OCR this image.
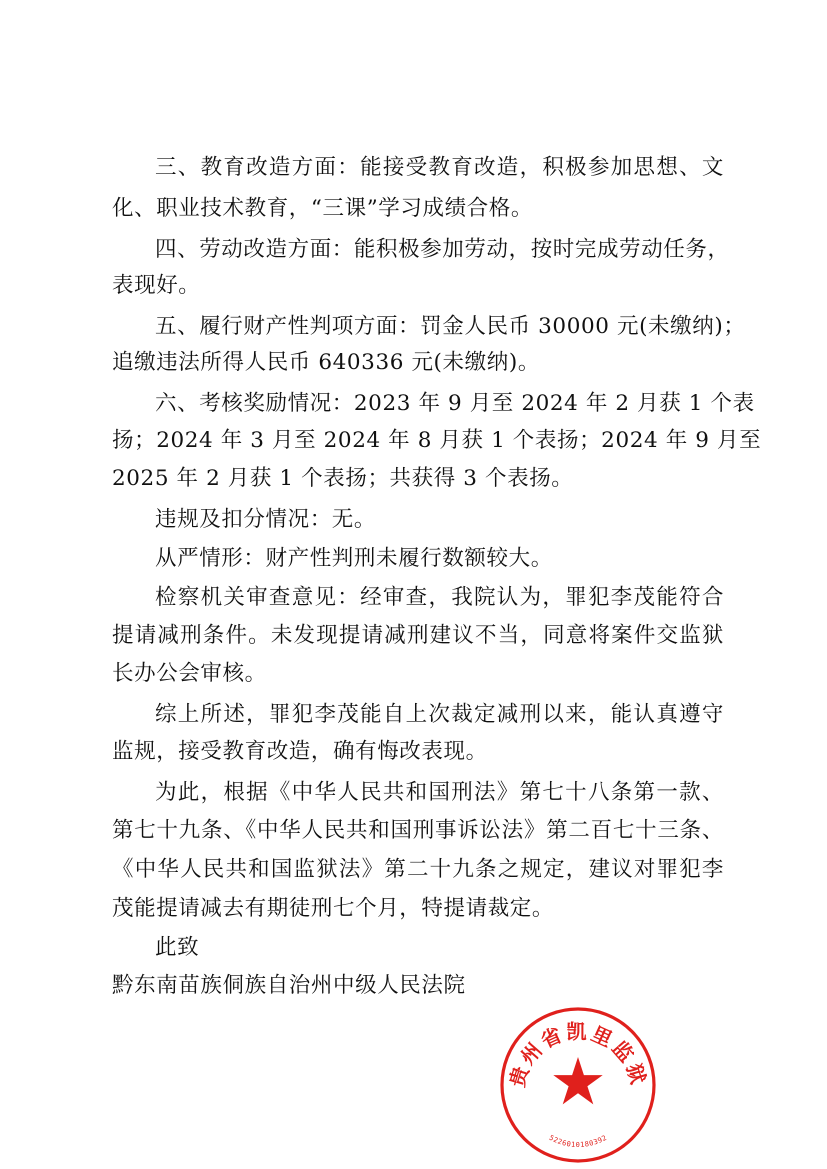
三、教育改造方面：能接受教育改造，积极参加思想、文
化、职业技术教育，“三课”学习成绩合格。
四、劳动改造方面：能积极参加劳动，按时完成劳动任务，
表现好。
五、履行财产性判项方面：罚金人民币 30000 元(未缴纳)；
追缴违法所得人民币 640336 元(未缴纳)。
六、考核奖励情况：2023 年 9 月至 2024 年 2 月获 1 个表
扬；2024 年 3 月至 2024 年 8 月获 1 个表扬；2024 年 9 月至
2025 年 2 月获 1 个表扬；共获得 3 个表扬。
违规及扣分情况：无。
从严情形：财产性判刑未履行数额较大。
检察机关审查意见：经审查，我院认为，罪犯李茂能符合
提请减刑条件。未发现提请减刑建议不当，同意将案件交监狱
长办公会审核。
综上所述，罪犯李茂能自上次裁定减刑以来，能认真遵守
监规，接受教育改造，确有悔改表现。
为此，根据《中华人民共和国刑法》第七十八条第一款、
第七十九条、《中华人民共和国刑事诉讼法》第二百七十三条、
《中华人民共和国监狱法》第二十九条之规定，建议对罪犯李
茂能提请减去有期徒刑七个月，特提请裁定。
此致
黔东南苗族侗族自治州中级人民法院
贵州省凯里监狱
5226010180392
